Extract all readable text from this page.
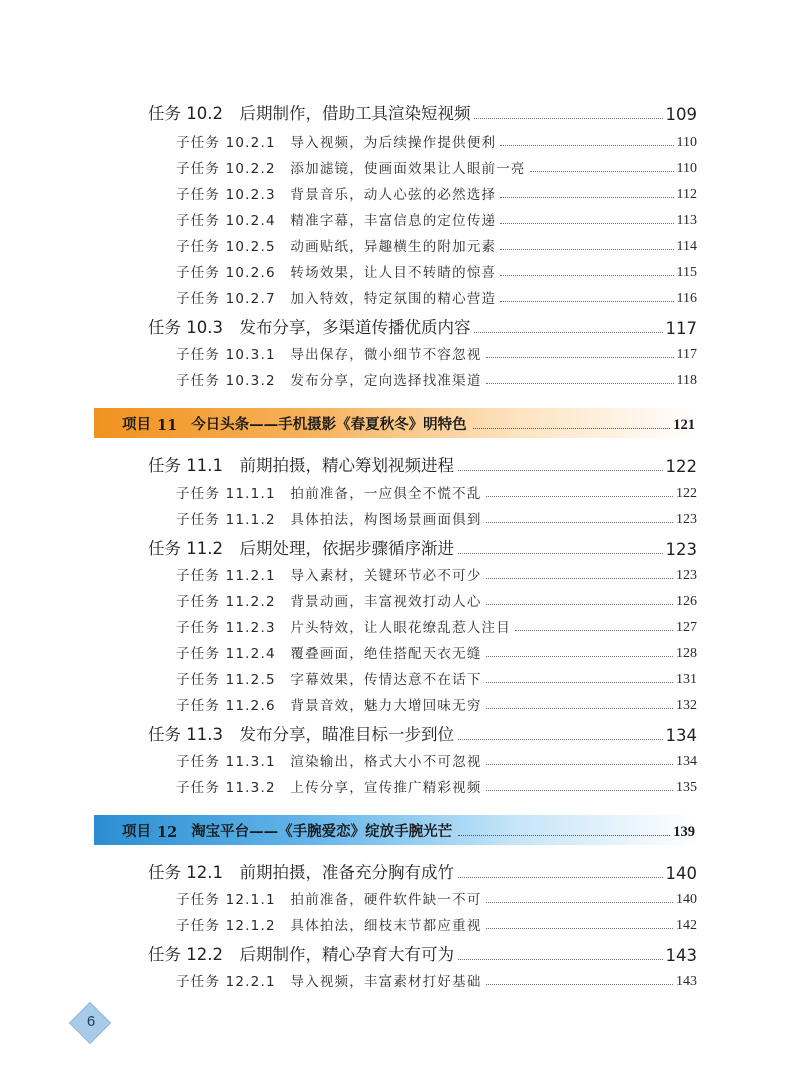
任务 10.2　后期制作，借助工具渲染短视频	109
子任务 10.2.1　导入视频，为后续操作提供便利	110
子任务 10.2.2　添加滤镜，使画面效果让人眼前一亮	110
子任务 10.2.3　背景音乐，动人心弦的必然选择	112
子任务 10.2.4　精准字幕，丰富信息的定位传递	113
子任务 10.2.5　动画贴纸，异趣横生的附加元素	114
子任务 10.2.6　转场效果，让人目不转睛的惊喜	115
子任务 10.2.7　加入特效，特定氛围的精心营造	116
任务 10.3　发布分享，多渠道传播优质内容	117
子任务 10.3.1　导出保存，微小细节不容忽视	117
子任务 10.3.2　发布分享，定向选择找准渠道	118
项目 11 今日头条——手机摄影《春夏秋冬》明特色	121
任务 11.1　前期拍摄，精心筹划视频进程	122
子任务 11.1.1　拍前准备，一应俱全不慌不乱	122
子任务 11.1.2　具体拍法，构图场景画面俱到	123
任务 11.2　后期处理，依据步骤循序渐进	123
子任务 11.2.1　导入素材，关键环节必不可少	123
子任务 11.2.2　背景动画，丰富视效打动人心	126
子任务 11.2.3　片头特效，让人眼花缭乱惹人注目	127
子任务 11.2.4　覆叠画面，绝佳搭配天衣无缝	128
子任务 11.2.5　字幕效果，传情达意不在话下	131
子任务 11.2.6　背景音效，魅力大增回味无穷	132
任务 11.3　发布分享，瞄准目标一步到位	134
子任务 11.3.1　渲染输出，格式大小不可忽视	134
子任务 11.3.2　上传分享，宣传推广精彩视频	135
项目 12 淘宝平台——《手腕爱恋》绽放手腕光芒	139
任务 12.1　前期拍摄，准备充分胸有成竹	140
子任务 12.1.1　拍前准备，硬件软件缺一不可	140
子任务 12.1.2　具体拍法，细枝末节都应重视	142
任务 12.2　后期制作，精心孕育大有可为	143
子任务 12.2.1　导入视频，丰富素材打好基础	143
6
